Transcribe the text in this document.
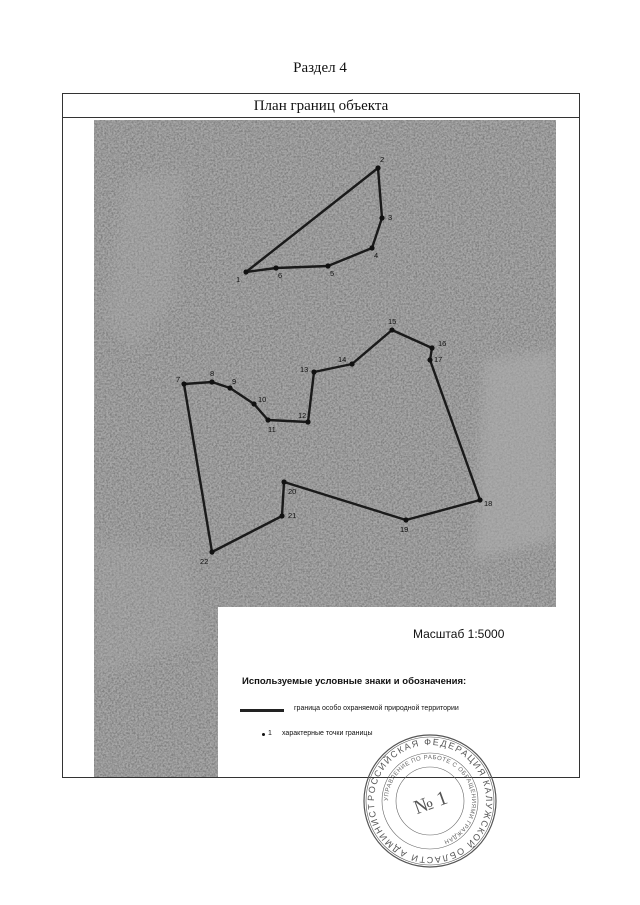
Раздел 4
План границ объекта
1
2
3
4
5
6
7
8
9
10
11
12
13
14
15
16
17
18
19
20
21
22
Масштаб 1:5000
Используемые условные знаки и обозначения:
граница особо охраняемой природной территории
1 характерные точки границы
РОССИЙСКАЯ ФЕДЕРАЦИЯ КАЛУЖСКОЙ ОБЛАСТИ АДМИНИСТ
УПРАВЛЕНИЕ ПО РАБОТЕ С ОБРАЩЕНИЯМИ ГРАЖДАН
№ 1
